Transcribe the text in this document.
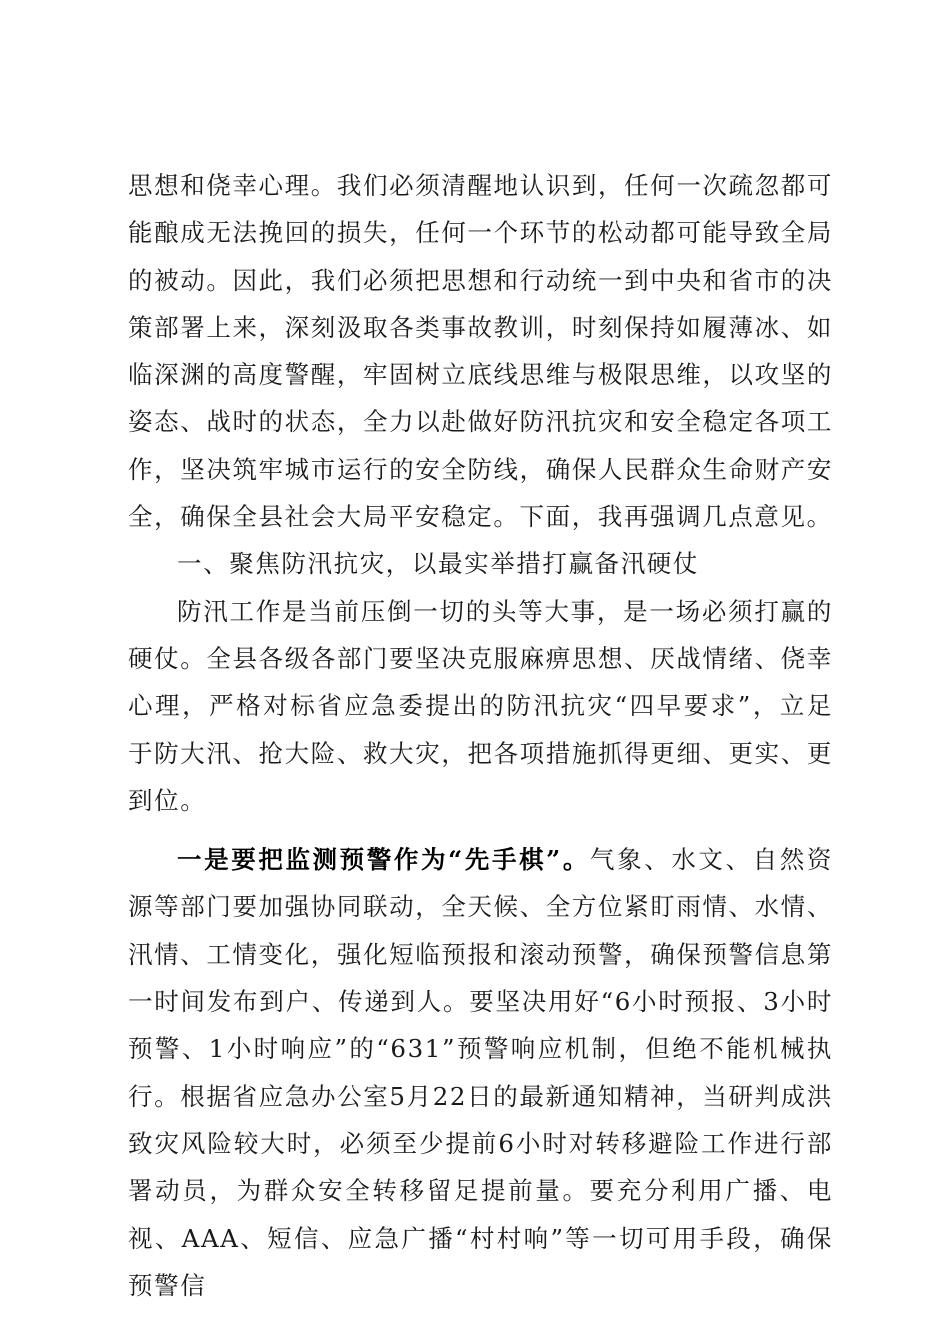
思想和侥幸心理。我们必须清醒地认识到，任何一次疏忽都可能酿成无法挽回的损失，任何一个环节的松动都可能导致全局的被动。因此，我们必须把思想和行动统一到中央和省市的决策部署上来，深刻汲取各类事故教训，时刻保持如履薄冰、如临深渊的高度警醒，牢固树立底线思维与极限思维，以攻坚的姿态、战时的状态，全力以赴做好防汛抗灾和安全稳定各项工作，坚决筑牢城市运行的安全防线，确保人民群众生命财产安全，确保全县社会大局平安稳定。下面，我再强调几点意见。

一、聚焦防汛抗灾，以最实举措打赢备汛硬仗

防汛工作是当前压倒一切的头等大事，是一场必须打赢的硬仗。全县各级各部门要坚决克服麻痹思想、厌战情绪、侥幸心理，严格对标省应急委提出的防汛抗灾“四早要求”，立足于防大汛、抢大险、救大灾，把各项措施抓得更细、更实、更到位。

一是要把监测预警作为“先手棋”。气象、水文、自然资源等部门要加强协同联动，全天候、全方位紧盯雨情、水情、汛情、工情变化，强化短临预报和滚动预警，确保预警信息第一时间发布到户、传递到人。要坚决用好“6小时预报、3小时预警、1小时响应”的“631”预警响应机制，但绝不能机械执行。根据省应急办公室5月22日的最新通知精神，当研判成洪致灾风险较大时，必须至少提前6小时对转移避险工作进行部署动员，为群众安全转移留足提前量。要充分利用广播、电视、AAA、短信、应急广播“村村响”等一切可用手段，确保预警信
